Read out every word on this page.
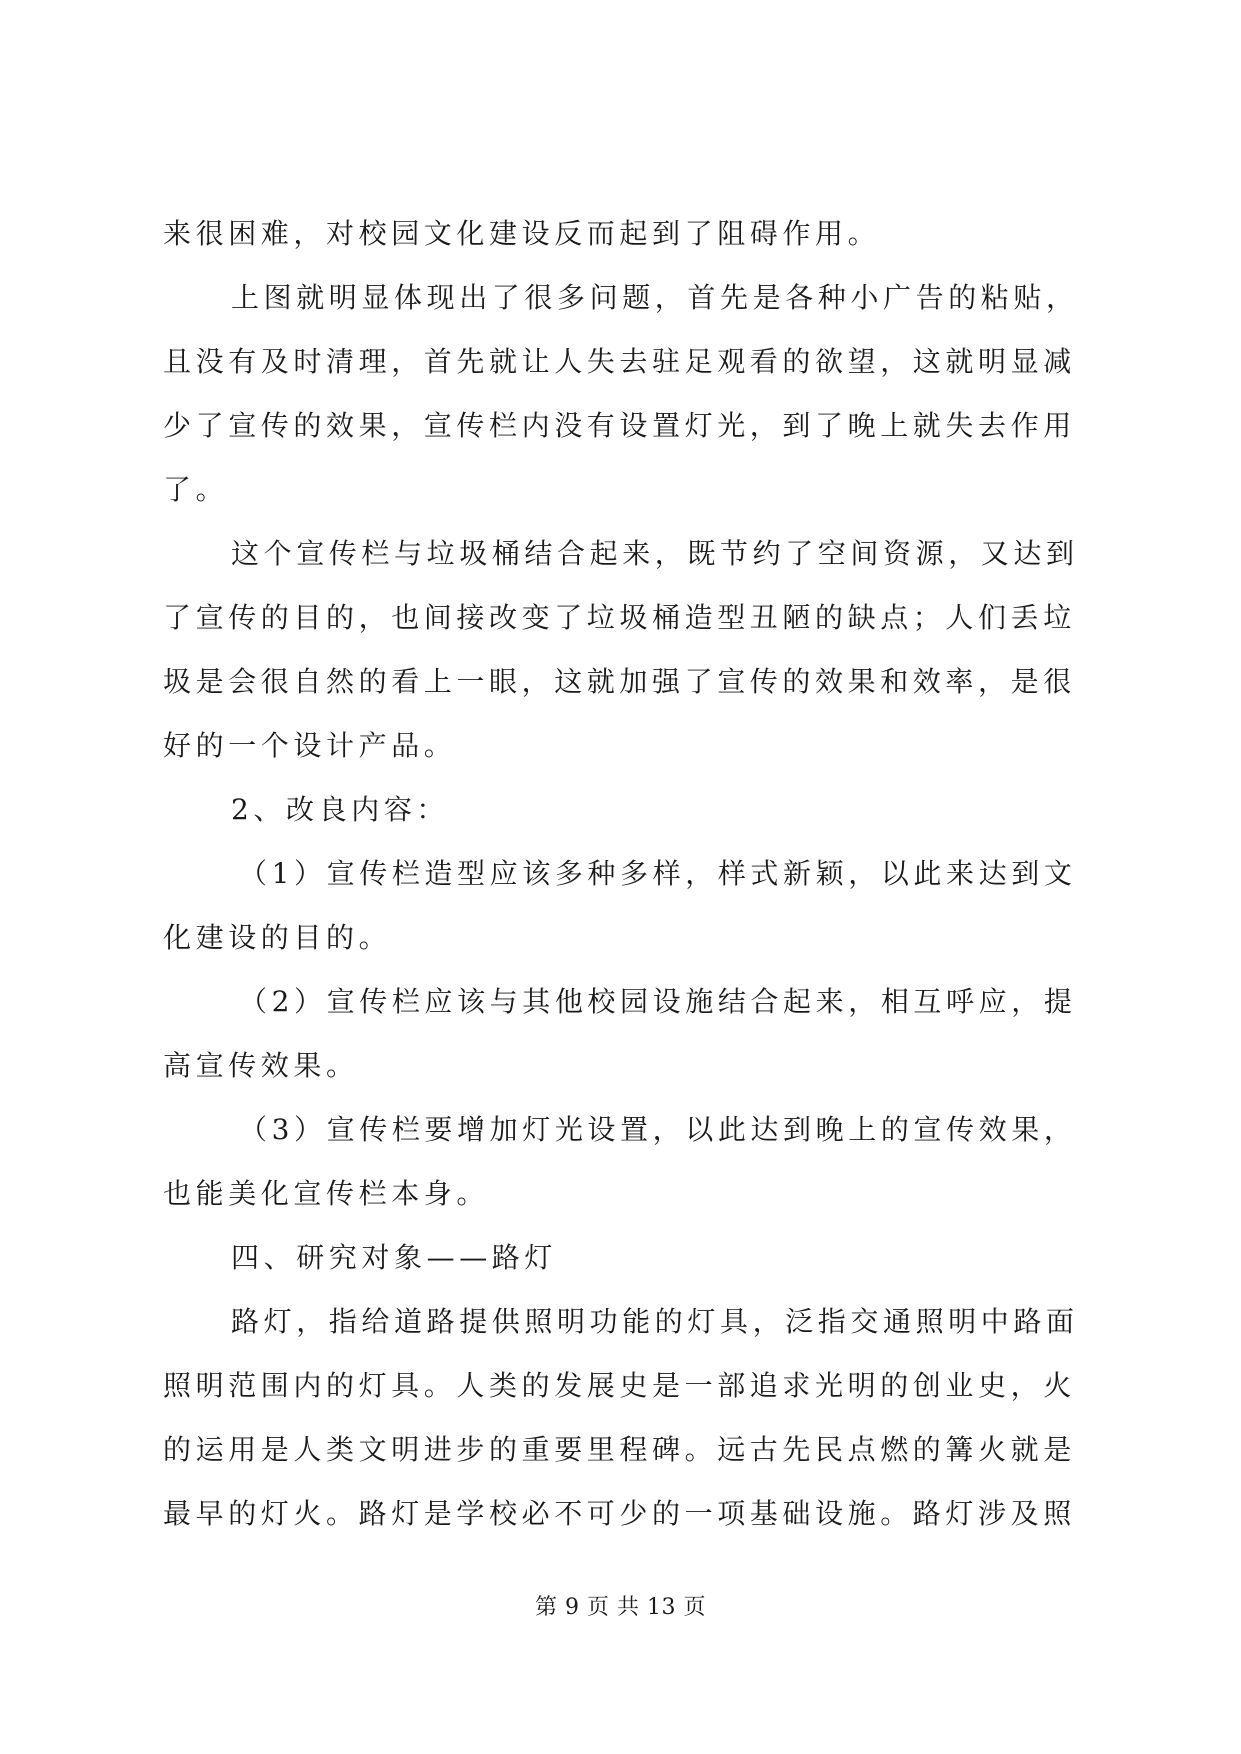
来很困难，对校园文化建设反而起到了阻碍作用。
上图就明显体现出了很多问题，首先是各种小广告的粘贴，
且没有及时清理，首先就让人失去驻足观看的欲望，这就明显减
少了宣传的效果，宣传栏内没有设置灯光，到了晚上就失去作用
了。
这个宣传栏与垃圾桶结合起来，既节约了空间资源，又达到
了宣传的目的，也间接改变了垃圾桶造型丑陋的缺点；人们丢垃
圾是会很自然的看上一眼，这就加强了宣传的效果和效率，是很
好的一个设计产品。
2、改良内容：
（1）宣传栏造型应该多种多样，样式新颖，以此来达到文
化建设的目的。
（2）宣传栏应该与其他校园设施结合起来，相互呼应，提
高宣传效果。
（3）宣传栏要增加灯光设置，以此达到晚上的宣传效果，
也能美化宣传栏本身。
四、研究对象——路灯
路灯，指给道路提供照明功能的灯具，泛指交通照明中路面
照明范围内的灯具。人类的发展史是一部追求光明的创业史，火
的运用是人类文明进步的重要里程碑。远古先民点燃的篝火就是
最早的灯火。路灯是学校必不可少的一项基础设施。路灯涉及照
第 9 页 共 13 页
